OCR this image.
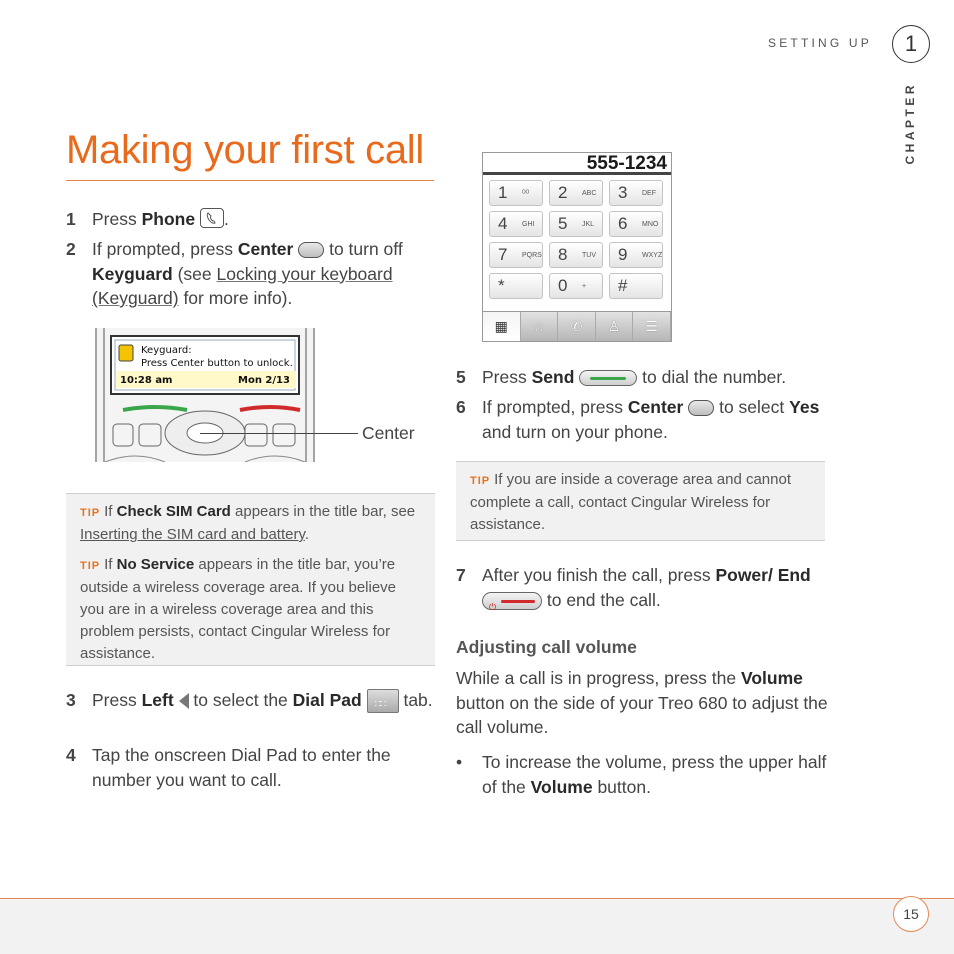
SETTING UP	1
CHAPTER
Making your first call
1 Press Phone .
2 If prompted, press Center  to turn off Keyguard (see Locking your keyboard (Keyguard) for more info).
Keyguard:
Press Center button to unlock.
10:28 am	Mon 2/13
Center
TIP If Check SIM Card appears in the title bar, see Inserting the SIM card and battery.
TIP If No Service appears in the title bar, you’re outside a wireless coverage area. If you believe you are in a wireless coverage area and this problem persists, contact Cingular Wireless for assistance.
3 Press Left  to select the Dial Pad ∷∷ tab.
4 Tap the onscreen Dial Pad to enter the number you want to call.
555-1234
1 ᴼᴼ 2 ABC 3 DEF
4 GHI 5 JKL 6 MNO
7 PQRS 8 TUV 9 WXYZ
*	0 + #
▦	☆	✆	♙	☰
5 Press Send	to dial the number.
6 If prompted, press Center  to select Yes and turn on your phone.
TIP If you are inside a coverage area and cannot complete a call, contact Cingular Wireless for assistance.
7 After you finish the call, press Power/ End
⏻	to end the call.
Adjusting call volume
While a call is in progress, press the Volume button on the side of your Treo 680 to adjust the call volume.
• To increase the volume, press the upper half of the Volume button.
15
